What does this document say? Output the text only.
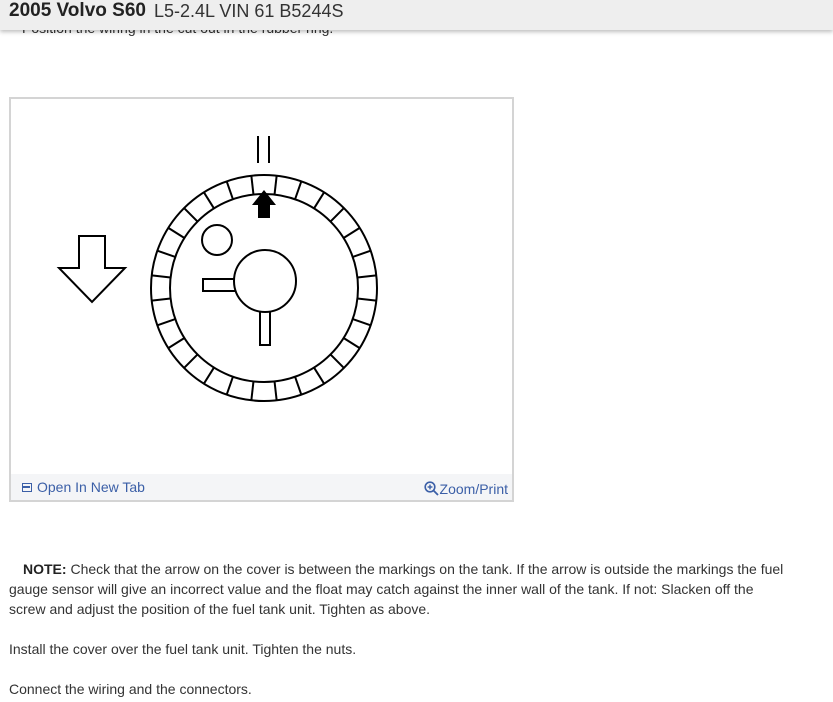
2005 Volvo S60 L5-2.4L VIN 61 B5244S
Open In New Tab	Zoom/Print

NOTE: Check that the arrow on the cover is between the markings on the tank. If the arrow is outside the markings the fuel gauge sensor will give an incorrect value and the float may catch against the inner wall of the tank. If not: Slacken off the screw and adjust the position of the fuel tank unit. Tighten as above.

Install the cover over the fuel tank unit. Tighten the nuts.

Connect the wiring and the connectors.
